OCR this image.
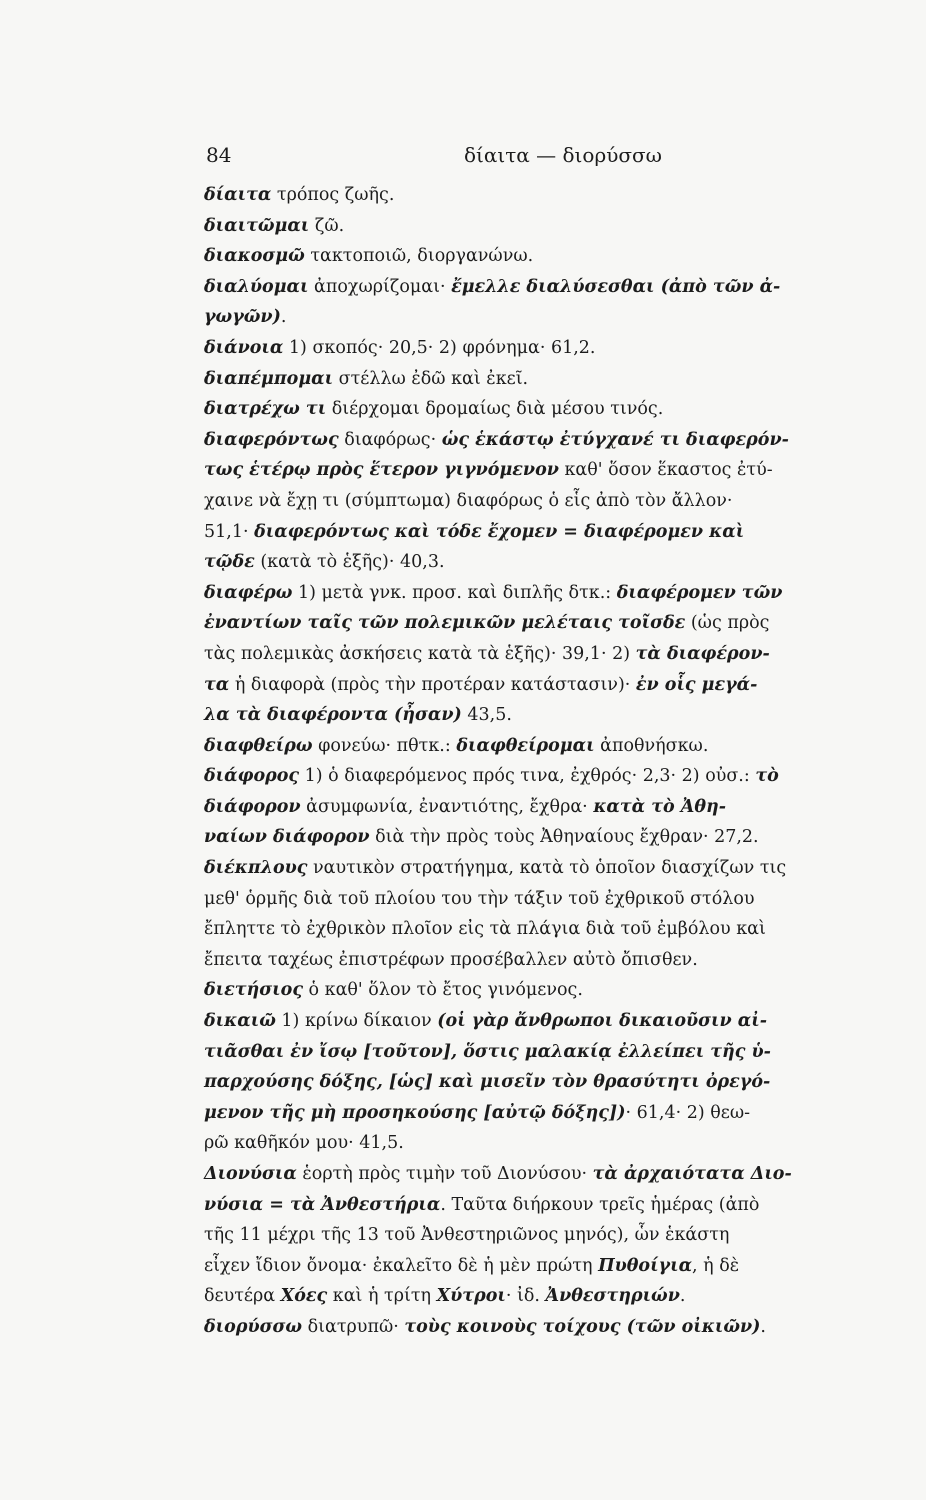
84	δίαιτα — διορύσσω
δίαιτα τρόπος ζωῆς.
διαιτῶμαι ζῶ.
διακοσμῶ τακτοποιῶ, διοργανώνω.
διαλύομαι ἀποχωρίζομαι· ἔμελλε διαλύσεσθαι (ἀπὸ τῶν ἀ-
γωγῶν).
διάνοια 1) σκοπός· 20,5· 2) φρόνημα· 61,2.
διαπέμπομαι στέλλω ἐδῶ καὶ ἐκεῖ.
διατρέχω τι διέρχομαι δρομαίως διὰ μέσου τινός.
διαφερόντως διαφόρως· ὡς ἑκάστῳ ἐτύγχανέ τι διαφερόν-
τως ἑτέρῳ πρὸς ἕτερον γιγνόμενον καθ' ὅσον ἕκαστος ἐτύ-
χαινε νὰ ἔχῃ τι (σύμπτωμα) διαφόρως ὁ εἷς ἀπὸ τὸν ἄλλον·
51,1· διαφερόντως καὶ τόδε ἔχομεν = διαφέρομεν καὶ
τῷδε (κατὰ τὸ ἑξῆς)· 40,3.
διαφέρω 1) μετὰ γνκ. προσ. καὶ διπλῆς δτκ.: διαφέρομεν τῶν
ἐναντίων ταῖς τῶν πολεμικῶν μελέταις τοῖσδε (ὡς πρὸς
τὰς πολεμικὰς ἀσκήσεις κατὰ τὰ ἑξῆς)· 39,1· 2) τὰ διαφέρον-
τα ἡ διαφορὰ (πρὸς τὴν προτέραν κατάστασιν)· ἐν οἷς μεγά-
λα τὰ διαφέροντα (ἦσαν) 43,5.
διαφθείρω φονεύω· πθτκ.: διαφθείρομαι ἀποθνήσκω.
διάφορος 1) ὁ διαφερόμενος πρός τινα, ἐχθρός· 2,3· 2) οὐσ.: τὸ
διάφορον ἀσυμφωνία, ἐναντιότης, ἔχθρα· κατὰ τὸ Ἀθη-
ναίων διάφορον διὰ τὴν πρὸς τοὺς Ἀθηναίους ἔχθραν· 27,2.
διέκπλους ναυτικὸν στρατήγημα, κατὰ τὸ ὁποῖον διασχίζων τις
μεθ' ὁρμῆς διὰ τοῦ πλοίου του τὴν τάξιν τοῦ ἐχθρικοῦ στόλου
ἔπληττε τὸ ἐχθρικὸν πλοῖον εἰς τὰ πλάγια διὰ τοῦ ἐμβόλου καὶ
ἔπειτα ταχέως ἐπιστρέφων προσέβαλλεν αὐτὸ ὄπισθεν.
διετήσιος ὁ καθ' ὅλον τὸ ἔτος γινόμενος.
δικαιῶ 1) κρίνω δίκαιον (οἱ γὰρ ἄνθρωποι δικαιοῦσιν αἰ-
τιᾶσθαι ἐν ἴσῳ [τοῦτον], ὅστις μαλακίᾳ ἐλλείπει τῆς ὑ-
παρχούσης δόξης, [ὡς] καὶ μισεῖν τὸν θρασύτητι ὀρεγό-
μενον τῆς μὴ προσηκούσης [αὐτῷ δόξης])· 61,4· 2) θεω-
ρῶ καθῆκόν μου· 41,5.
Διονύσια ἑορτὴ πρὸς τιμὴν τοῦ Διονύσου· τὰ ἀρχαιότατα Διο-
νύσια = τὰ Ἀνθεστήρια. Ταῦτα διήρκουν τρεῖς ἡμέρας (ἀπὸ
τῆς 11 μέχρι τῆς 13 τοῦ Ἀνθεστηριῶνος μηνός), ὧν ἑκάστη
εἶχεν ἴδιον ὄνομα· ἐκαλεῖτο δὲ ἡ μὲν πρώτη Πυθοίγια, ἡ δὲ
δευτέρα Χόες καὶ ἡ τρίτη Χύτροι· ἰδ. Ἀνθεστηριών.
διορύσσω διατρυπῶ· τοὺς κοινοὺς τοίχους (τῶν οἰκιῶν).
